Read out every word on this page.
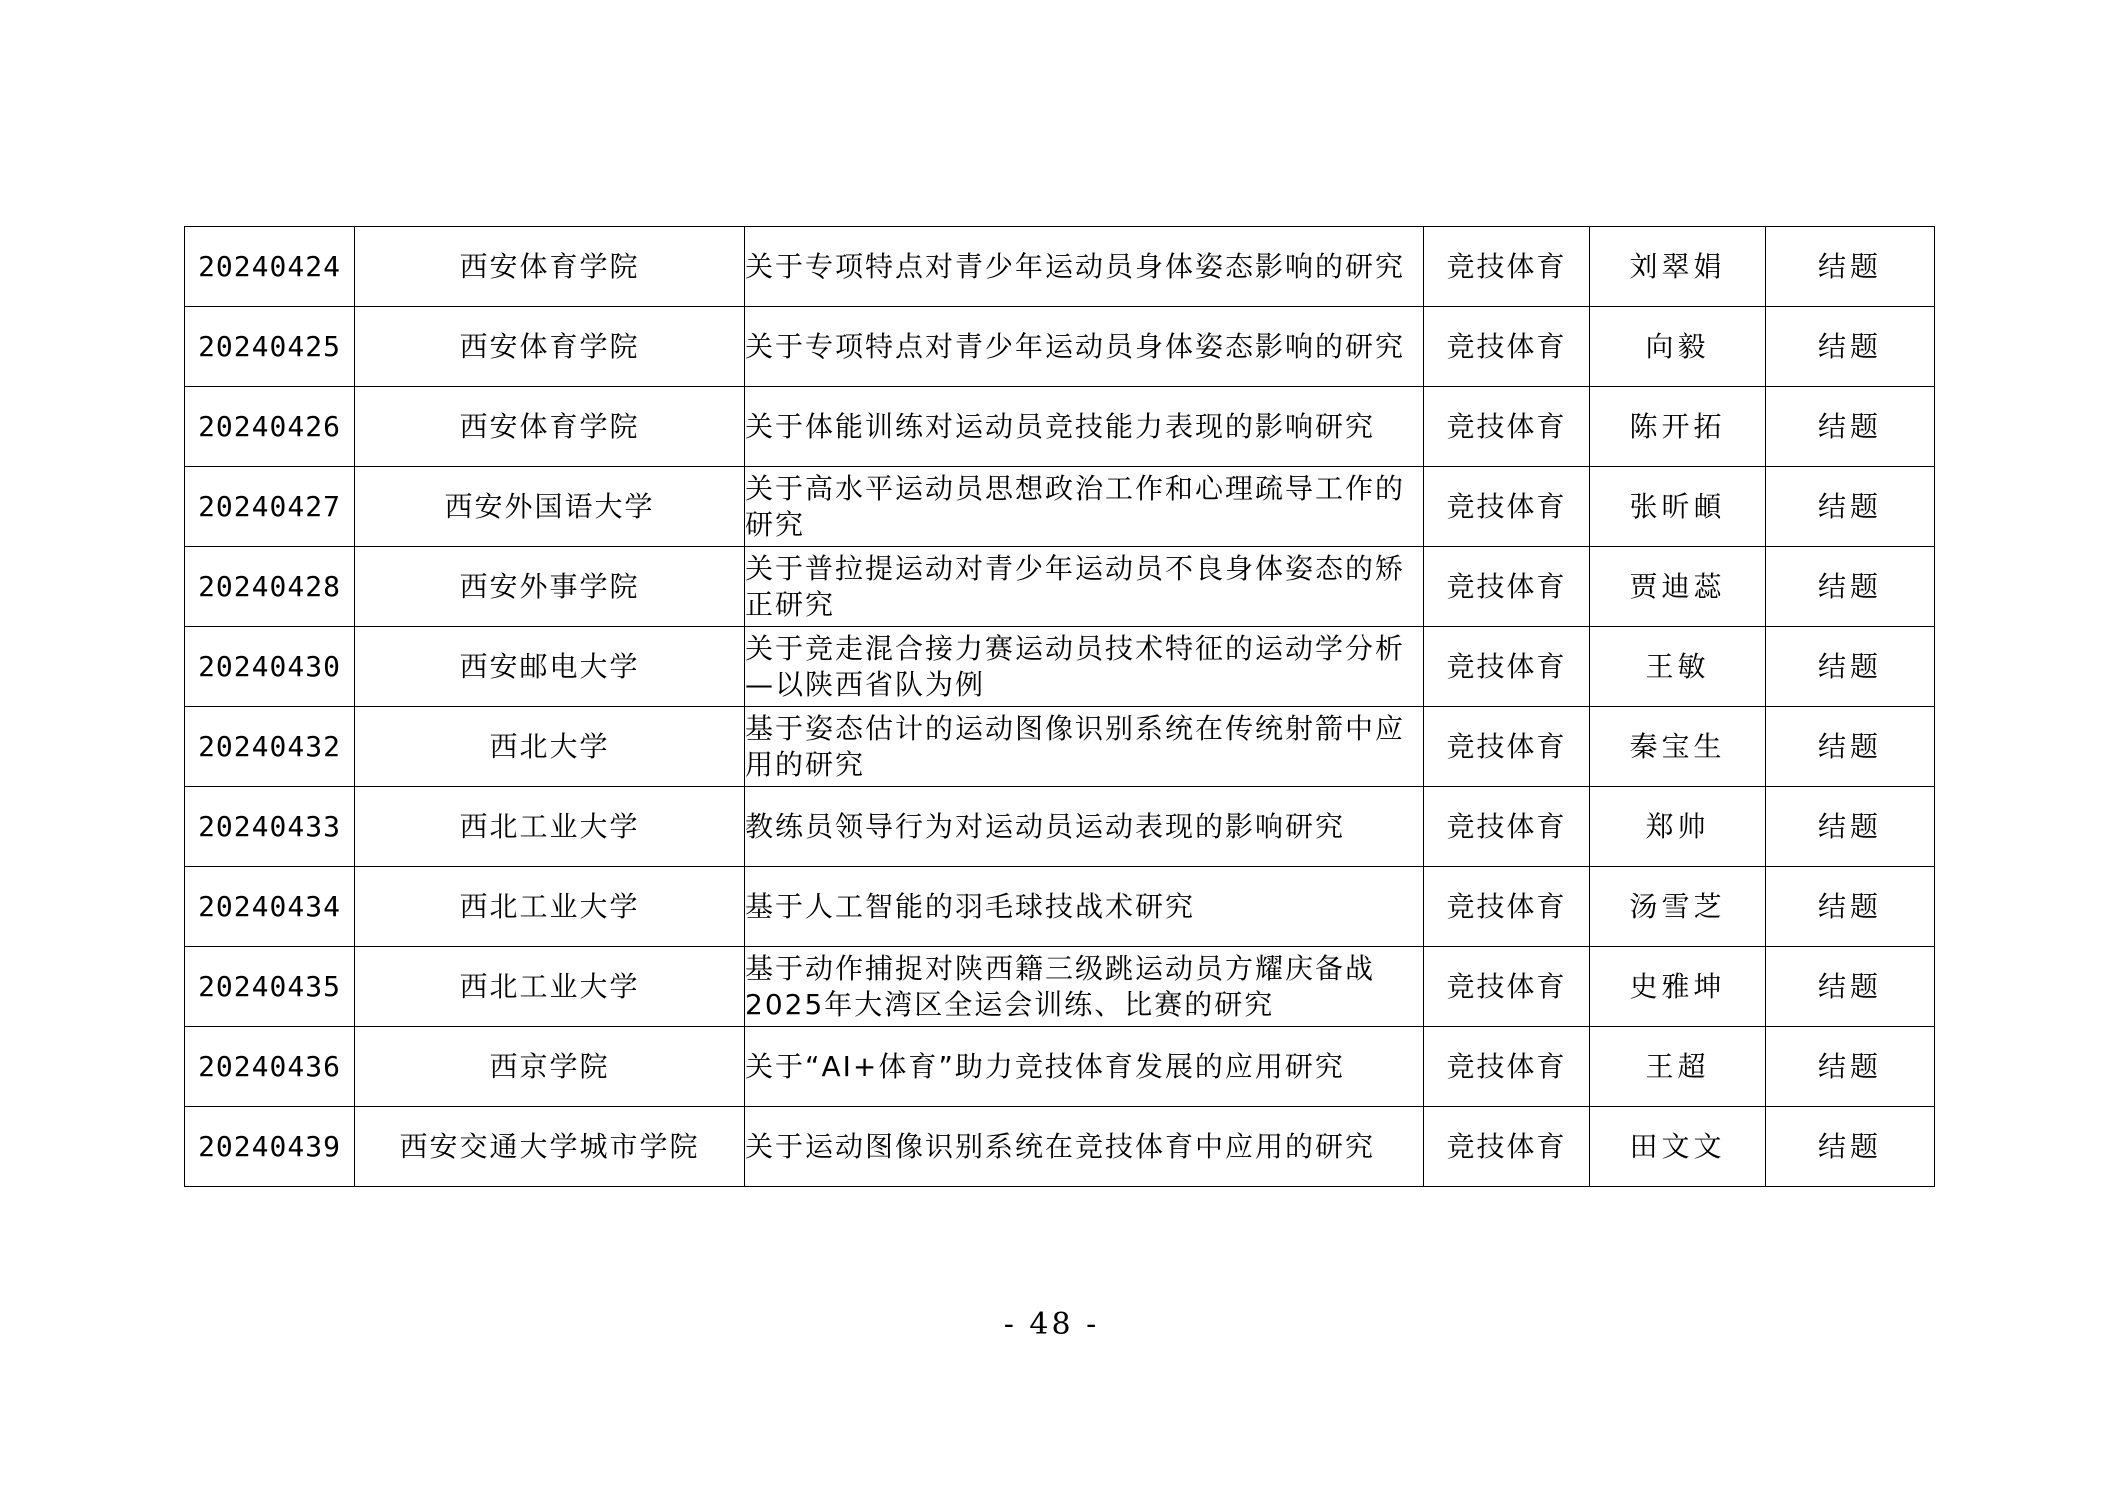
20240424	西安体育学院	关于专项特点对青少年运动员身体姿态影响的研究	竞技体育	刘翠娟	结题
20240425	西安体育学院	关于专项特点对青少年运动员身体姿态影响的研究	竞技体育	向毅	结题
20240426	西安体育学院	关于体能训练对运动员竞技能力表现的影响研究	竞技体育	陈开拓	结题
20240427	西安外国语大学	关于高水平运动员思想政治工作和心理疏导工作的研究	竞技体育	张昕頔	结题
20240428	西安外事学院	关于普拉提运动对青少年运动员不良身体姿态的矫正研究	竞技体育	贾迪蕊	结题
20240430	西安邮电大学	关于竞走混合接力赛运动员技术特征的运动学分析—以陕西省队为例	竞技体育	王敏	结题
20240432	西北大学	基于姿态估计的运动图像识别系统在传统射箭中应用的研究	竞技体育	秦宝生	结题
20240433	西北工业大学	教练员领导行为对运动员运动表现的影响研究	竞技体育	郑帅	结题
20240434	西北工业大学	基于人工智能的羽毛球技战术研究	竞技体育	汤雪芝	结题
20240435	西北工业大学	基于动作捕捉对陕西籍三级跳运动员方耀庆备战2025年大湾区全运会训练、比赛的研究	竞技体育	史雅坤	结题
20240436	西京学院	关于“AI+体育”助力竞技体育发展的应用研究	竞技体育	王超	结题
20240439	西安交通大学城市学院	关于运动图像识别系统在竞技体育中应用的研究	竞技体育	田文文	结题
- 48 -
